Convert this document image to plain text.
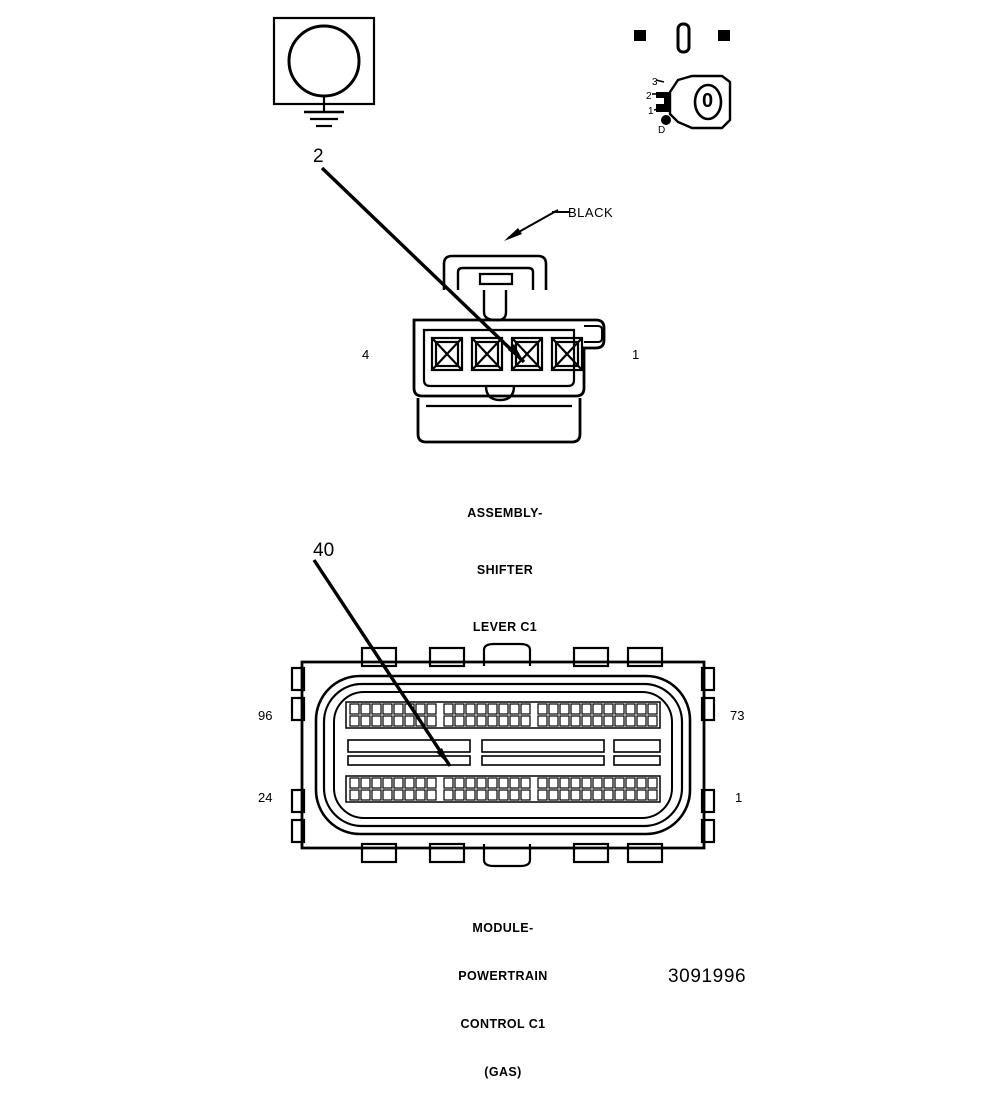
3
2
1 0
D
2
BLACK
4	1

ASSEMBLY-

SHIFTER

LEVER C1

40
96	73
24	1

MODULE-

POWERTRAIN

CONTROL C1

(GAS)

3091996
